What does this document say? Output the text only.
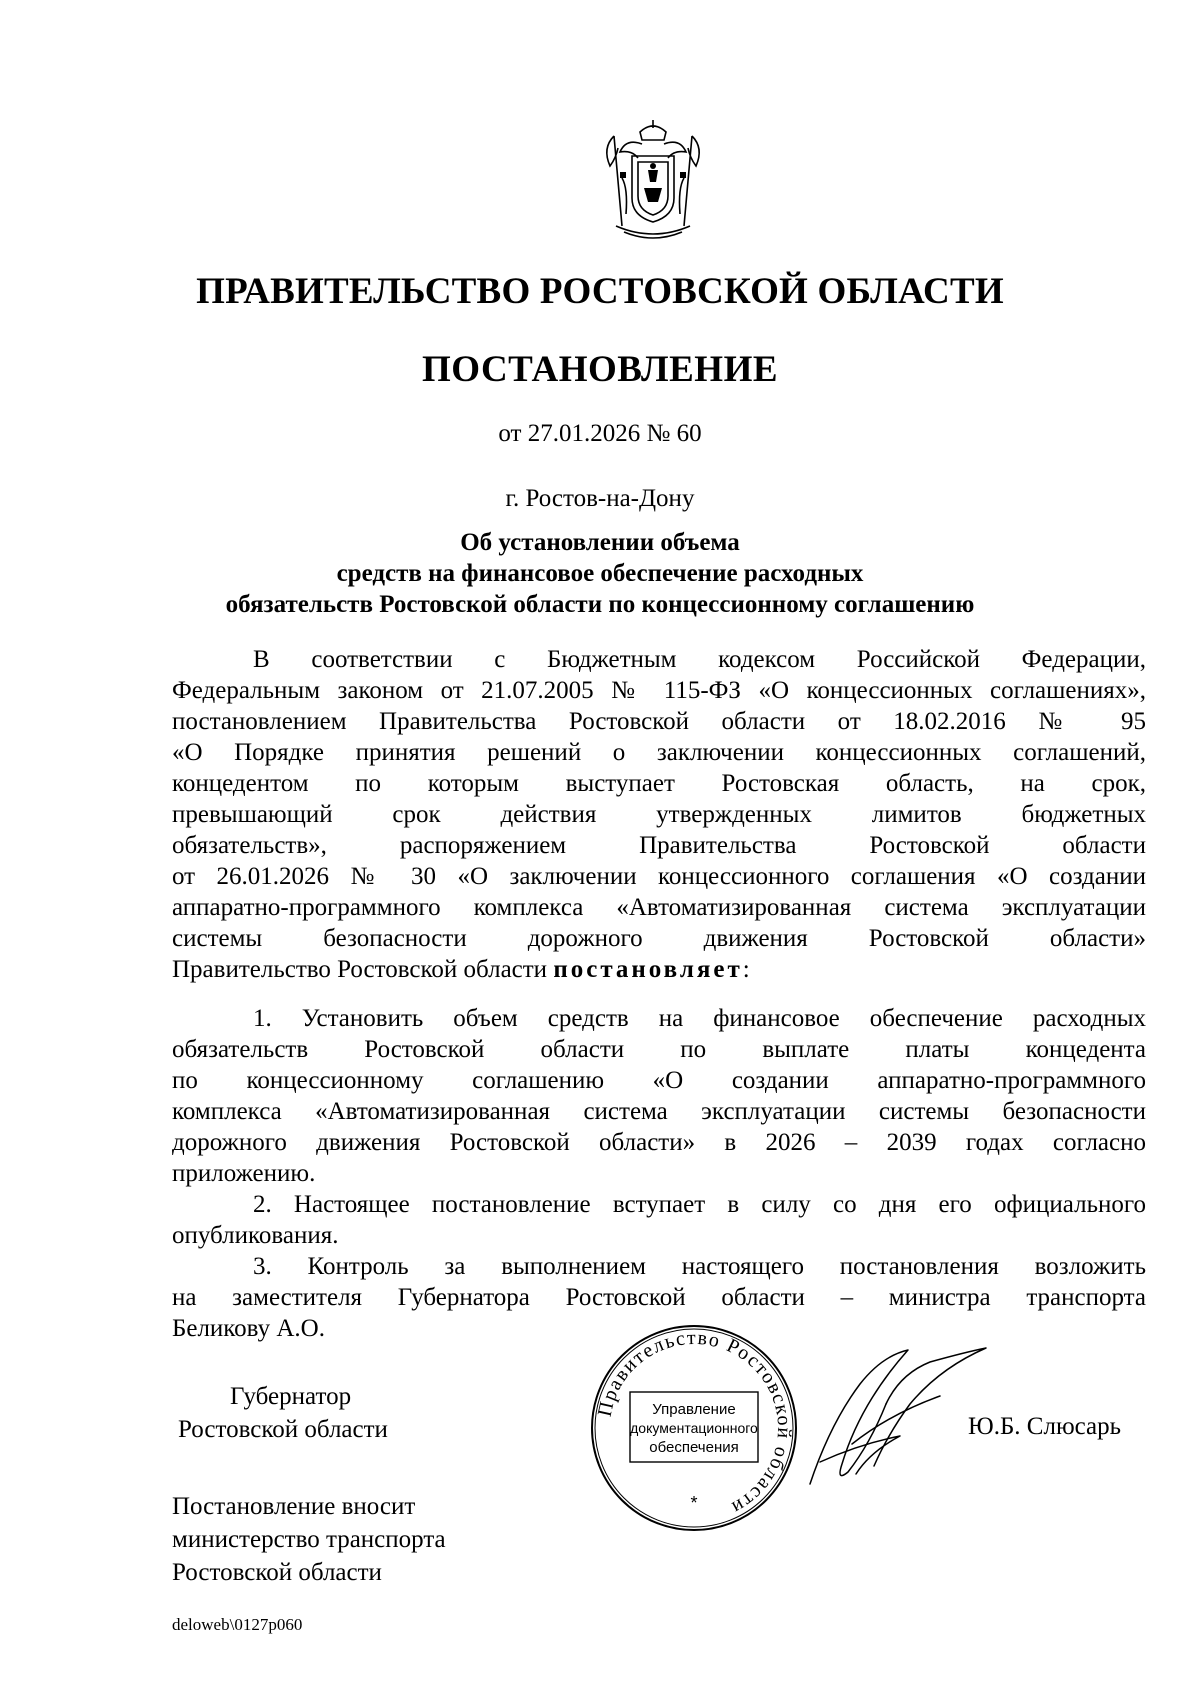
ПРАВИТЕЛЬСТВО РОСТОВСКОЙ ОБЛАСТИ
ПОСТАНОВЛЕНИЕ
от 27.01.2026 № 60
г. Ростов-на-Дону
Об установлении объема
средств на финансовое обеспечение расходных
обязательств Ростовской области по концессионному соглашению
В соответствии с Бюджетным кодексом Российской Федерации,
Федеральным законом от 21.07.2005 № 115-ФЗ «О концессионных соглашениях»,
постановлением Правительства Ростовской области от 18.02.2016 № 95
«О Порядке принятия решений о заключении концессионных соглашений,
концедентом по которым выступает Ростовская область, на срок,
превышающий срок действия утвержденных лимитов бюджетных
обязательств», распоряжением Правительства Ростовской области
от 26.01.2026 № 30 «О заключении концессионного соглашения «О создании
аппаратно-программного комплекса «Автоматизированная система эксплуатации
системы безопасности дорожного движения Ростовской области»
Правительство Ростовской области постановляет:
1. Установить объем средств на финансовое обеспечение расходных
обязательств Ростовской области по выплате платы концедента
по концессионному соглашению «О создании аппаратно-программного
комплекса «Автоматизированная система эксплуатации системы безопасности
дорожного движения Ростовской области» в 2026 – 2039 годах согласно
приложению.
2. Настоящее постановление вступает в силу со дня его официального
опубликования.
3. Контроль за выполнением настоящего постановления возложить
на заместителя Губернатора Ростовской области – министра транспорта
Беликову А.О.
Губернатор
Ростовской области
Правительство Ростовской области
Управление
документационного
обеспечения
*
Ю.Б. Слюсарь
Постановление вносит
министерство транспорта
Ростовской области
deloweb\0127p060
